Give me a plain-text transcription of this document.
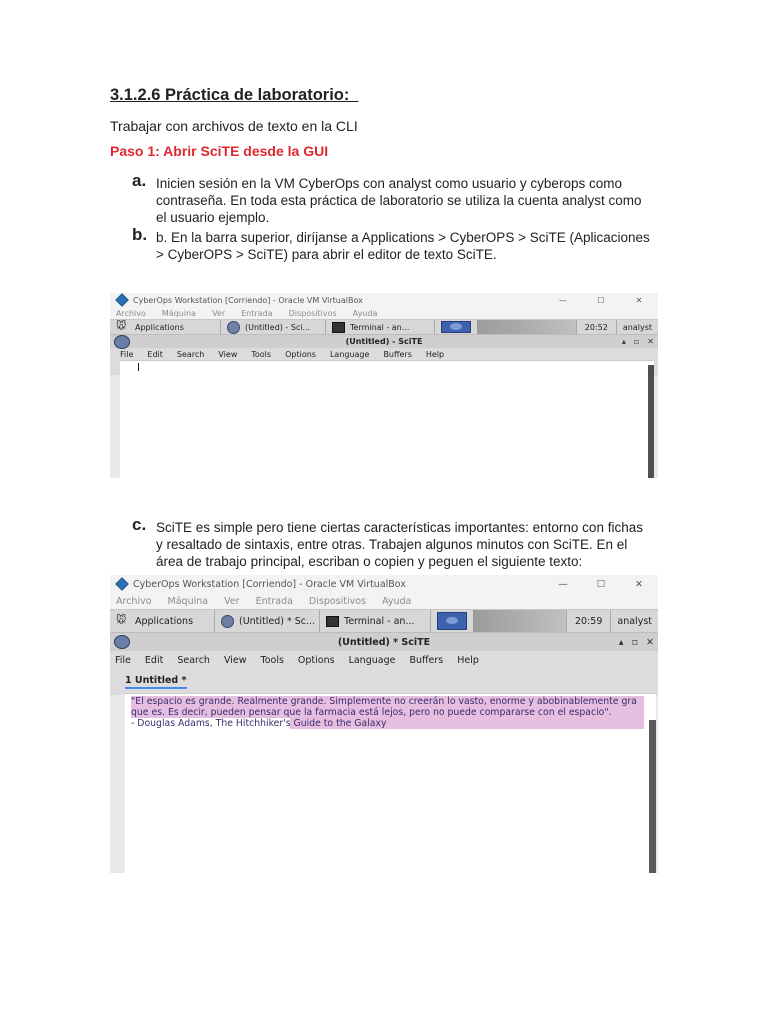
3.1.2.6 Práctica de laboratorio:
Trabajar con archivos de texto en la CLI
Paso 1: Abrir SciTE desde la GUI
a. Inicien sesión en la VM CyberOps con analyst como usuario y cyberops como contraseña. En toda esta práctica de laboratorio se utiliza la cuenta analyst como el usuario ejemplo.
b. b. En la barra superior, diríjanse a Applications > CyberOPS > SciTE (Aplicaciones > CyberOPS > SciTE) para abrir el editor de texto SciTE.
CyberOps Workstation [Corriendo] - Oracle VM VirtualBox	—	☐	✕
Archivo Máquina Ver Entrada Dispositivos Ayuda
🐭	Applications	(Untitled) - Sci...	Terminal - an...	20:52	analyst
(Untitled) - SciTE	▴ ▫ ✕
File Edit Search View Tools Options Language Buffers Help
c. SciTE es simple pero tiene ciertas características importantes: entorno con fichas y resaltado de sintaxis, entre otras. Trabajen algunos minutos con SciTE. En el área de trabajo principal, escriban o copien y peguen el siguiente texto:
CyberOps Workstation [Corriendo] - Oracle VM VirtualBox	—	☐	✕
Archivo Máquina Ver Entrada Dispositivos Ayuda
🐭 Applications	(Untitled) * Sc...	Terminal - an...	20:59	analyst
(Untitled) * SciTE	▴ ▫ ✕
File Edit Search View Tools Options Language Buffers Help
1 Untitled *
"El espacio es grande. Realmente grande. Simplemente no creerán lo vasto, enorme y abobinablemente gra
que es. Es decir, pueden pensar que la farmacia está lejos, pero no puede compararse con el espacio".
- Douglas Adams, The Hitchhiker's Guide to the Galaxy
